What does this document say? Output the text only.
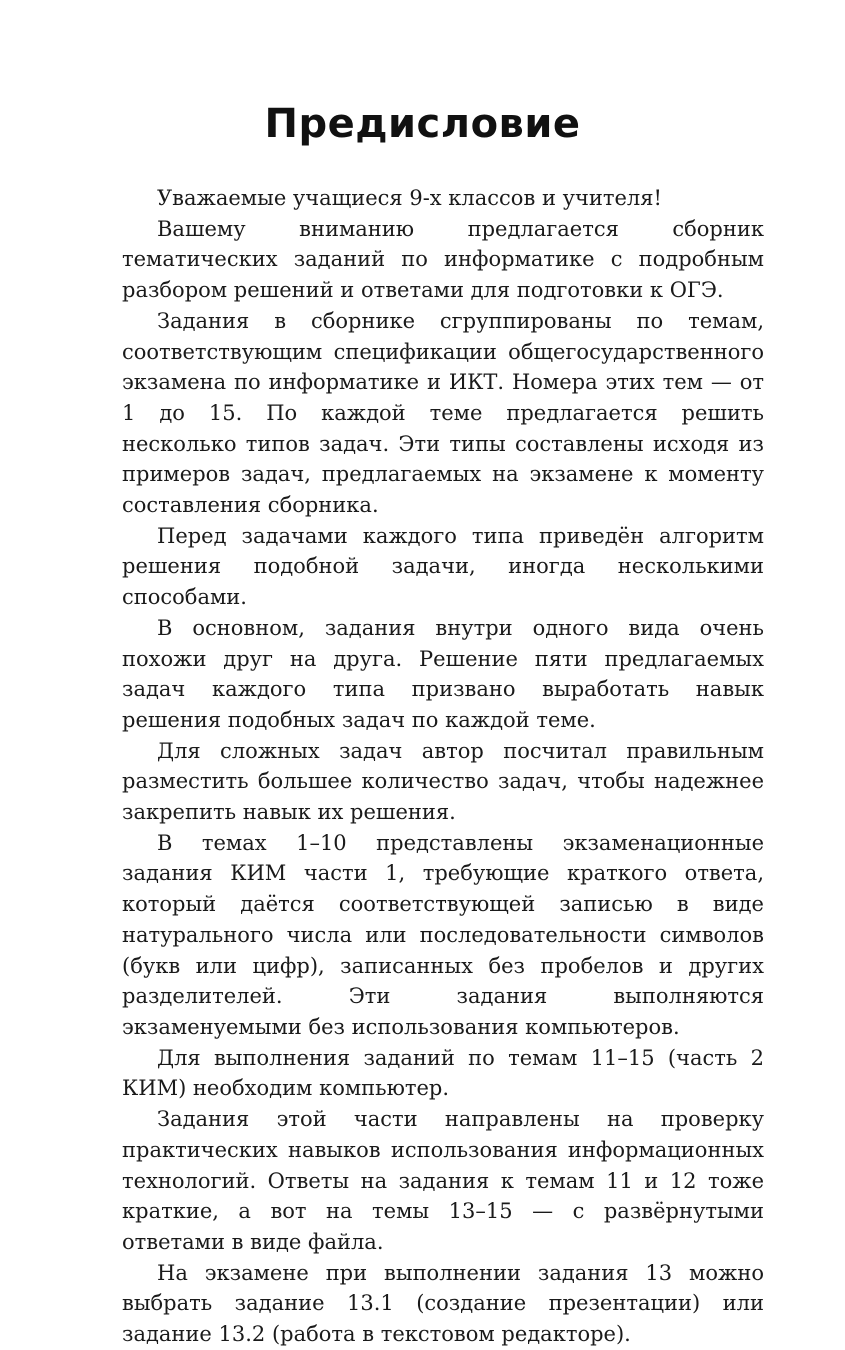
Предисловие

Уважаемые учащиеся 9-х классов и учителя!

Вашему вниманию предлагается сборник тематических заданий по информатике с подробным разбором решений и ответами для подготовки к ОГЭ.

Задания в сборнике сгруппированы по темам, соответствующим спецификации общегосударственного экзамена по информатике и ИКТ. Номера этих тем — от 1 до 15. По каждой теме предлагается решить несколько типов задач. Эти типы составлены исходя из примеров задач, предлагаемых на экзамене к моменту составления сборника.

Перед задачами каждого типа приведён алгоритм решения подобной задачи, иногда несколькими способами.

В основном, задания внутри одного вида очень похожи друг на друга. Решение пяти предлагаемых задач каждого типа призвано выработать навык решения подобных задач по каждой теме.

Для сложных задач автор посчитал правильным разместить большее количество задач, чтобы надежнее закрепить навык их решения.

В темах 1–10 представлены экзаменационные задания КИМ части 1, требующие краткого ответа, который даётся соответствующей записью в виде натурального числа или последовательности символов (букв или цифр), записанных без пробелов и других разделителей. Эти задания выполняются экзаменуемыми без использования компьютеров.

Для выполнения заданий по темам 11–15 (часть 2 КИМ) необходим компьютер.

Задания этой части направлены на проверку практических навыков использования информационных технологий. Ответы на задания к темам 11 и 12 тоже краткие, а вот на темы 13–15 — с развёрнутыми ответами в виде файла.

На экзамене при выполнении задания 13 можно выбрать задание 13.1 (создание презентации) или задание 13.2 (работа в текстовом редакторе).
